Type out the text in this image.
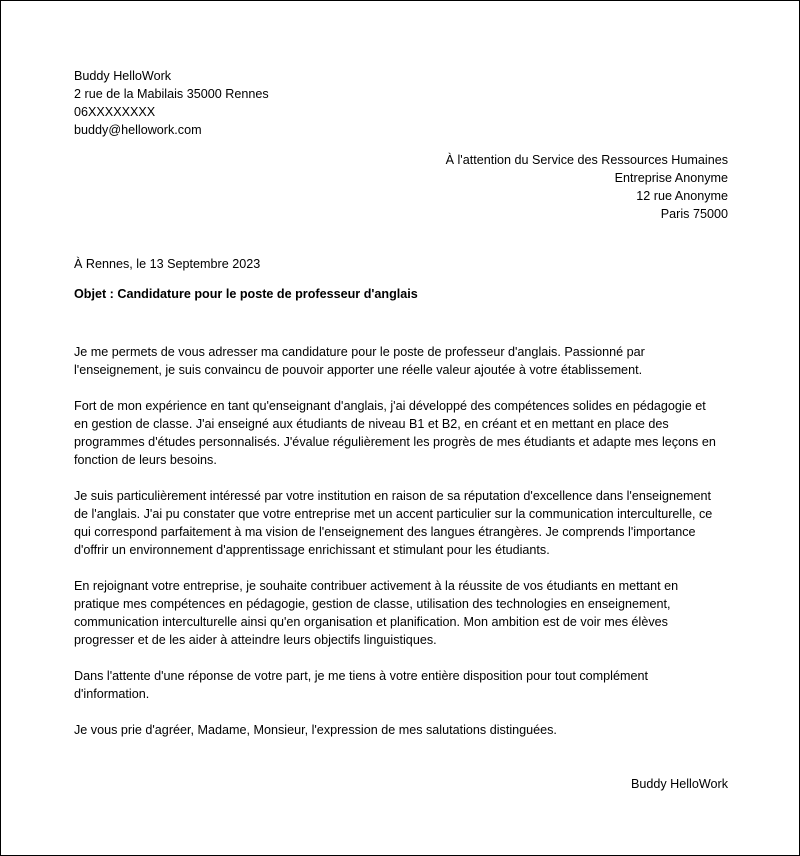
Buddy HelloWork
2 rue de la Mabilais 35000 Rennes
06XXXXXXXX
buddy@hellowork.com
À l'attention du Service des Ressources Humaines
Entreprise Anonyme
12 rue Anonyme
Paris 75000
À Rennes, le 13 Septembre 2023
Objet : Candidature pour le poste de professeur d'anglais

Je me permets de vous adresser ma candidature pour le poste de professeur d'anglais. Passionné par
l'enseignement, je suis convaincu de pouvoir apporter une réelle valeur ajoutée à votre établissement.

Fort de mon expérience en tant qu'enseignant d'anglais, j'ai développé des compétences solides en pédagogie et
en gestion de classe. J'ai enseigné aux étudiants de niveau B1 et B2, en créant et en mettant en place des
programmes d'études personnalisés. J'évalue régulièrement les progrès de mes étudiants et adapte mes leçons en
fonction de leurs besoins.

Je suis particulièrement intéressé par votre institution en raison de sa réputation d'excellence dans l'enseignement
de l'anglais. J'ai pu constater que votre entreprise met un accent particulier sur la communication interculturelle, ce
qui correspond parfaitement à ma vision de l'enseignement des langues étrangères. Je comprends l'importance
d'offrir un environnement d'apprentissage enrichissant et stimulant pour les étudiants.

En rejoignant votre entreprise, je souhaite contribuer activement à la réussite de vos étudiants en mettant en
pratique mes compétences en pédagogie, gestion de classe, utilisation des technologies en enseignement,
communication interculturelle ainsi qu'en organisation et planification. Mon ambition est de voir mes élèves
progresser et de les aider à atteindre leurs objectifs linguistiques.

Dans l'attente d'une réponse de votre part, je me tiens à votre entière disposition pour tout complément
d'information.

Je vous prie d'agréer, Madame, Monsieur, l'expression de mes salutations distinguées.

Buddy HelloWork
